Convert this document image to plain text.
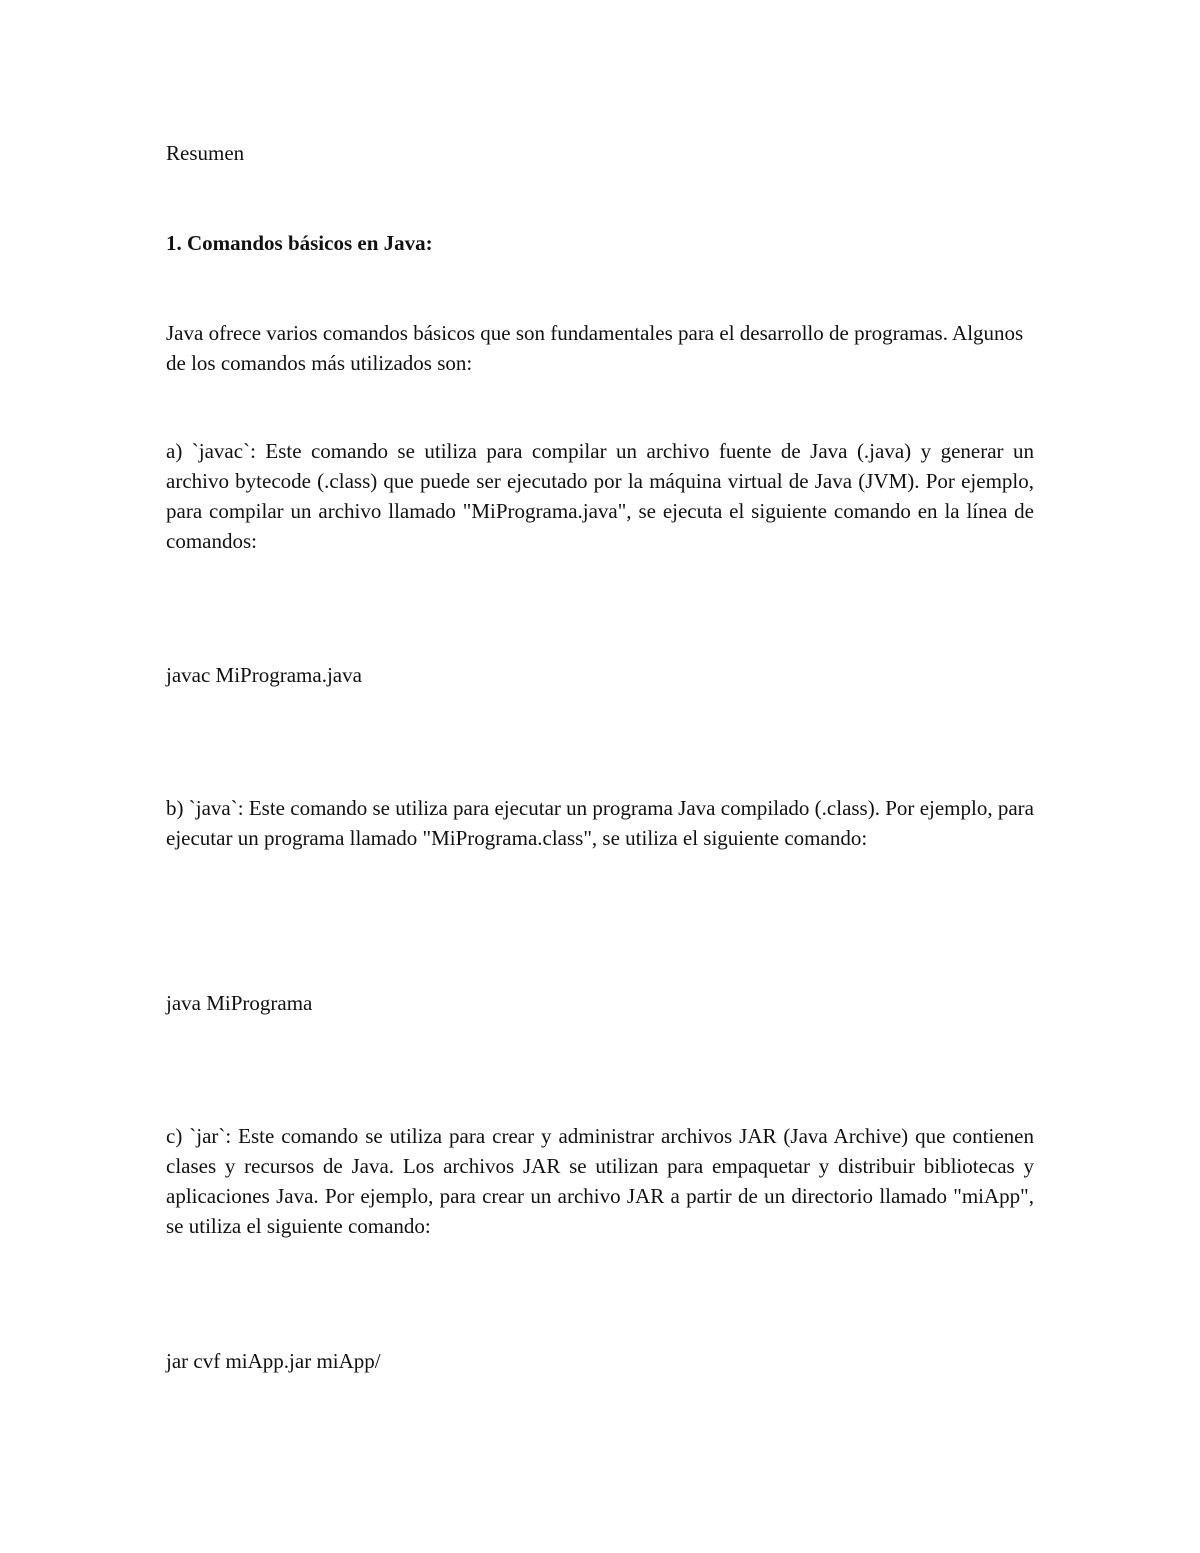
Resumen

1. Comandos básicos en Java:

Java ofrece varios comandos básicos que son fundamentales para el desarrollo de programas. Algunos de los comandos más utilizados son:

a) `javac`: Este comando se utiliza para compilar un archivo fuente de Java (.java) y generar un archivo bytecode (.class) que puede ser ejecutado por la máquina virtual de Java (JVM). Por ejemplo, para compilar un archivo llamado "MiPrograma.java", se ejecuta el siguiente comando en la línea de comandos:

javac MiPrograma.java

b) `java`: Este comando se utiliza para ejecutar un programa Java compilado (.class). Por ejemplo, para ejecutar un programa llamado "MiPrograma.class", se utiliza el siguiente comando:

java MiPrograma

c) `jar`: Este comando se utiliza para crear y administrar archivos JAR (Java Archive) que contienen clases y recursos de Java. Los archivos JAR se utilizan para empaquetar y distribuir bibliotecas y aplicaciones Java. Por ejemplo, para crear un archivo JAR a partir de un directorio llamado "miApp", se utiliza el siguiente comando:

jar cvf miApp.jar miApp/
